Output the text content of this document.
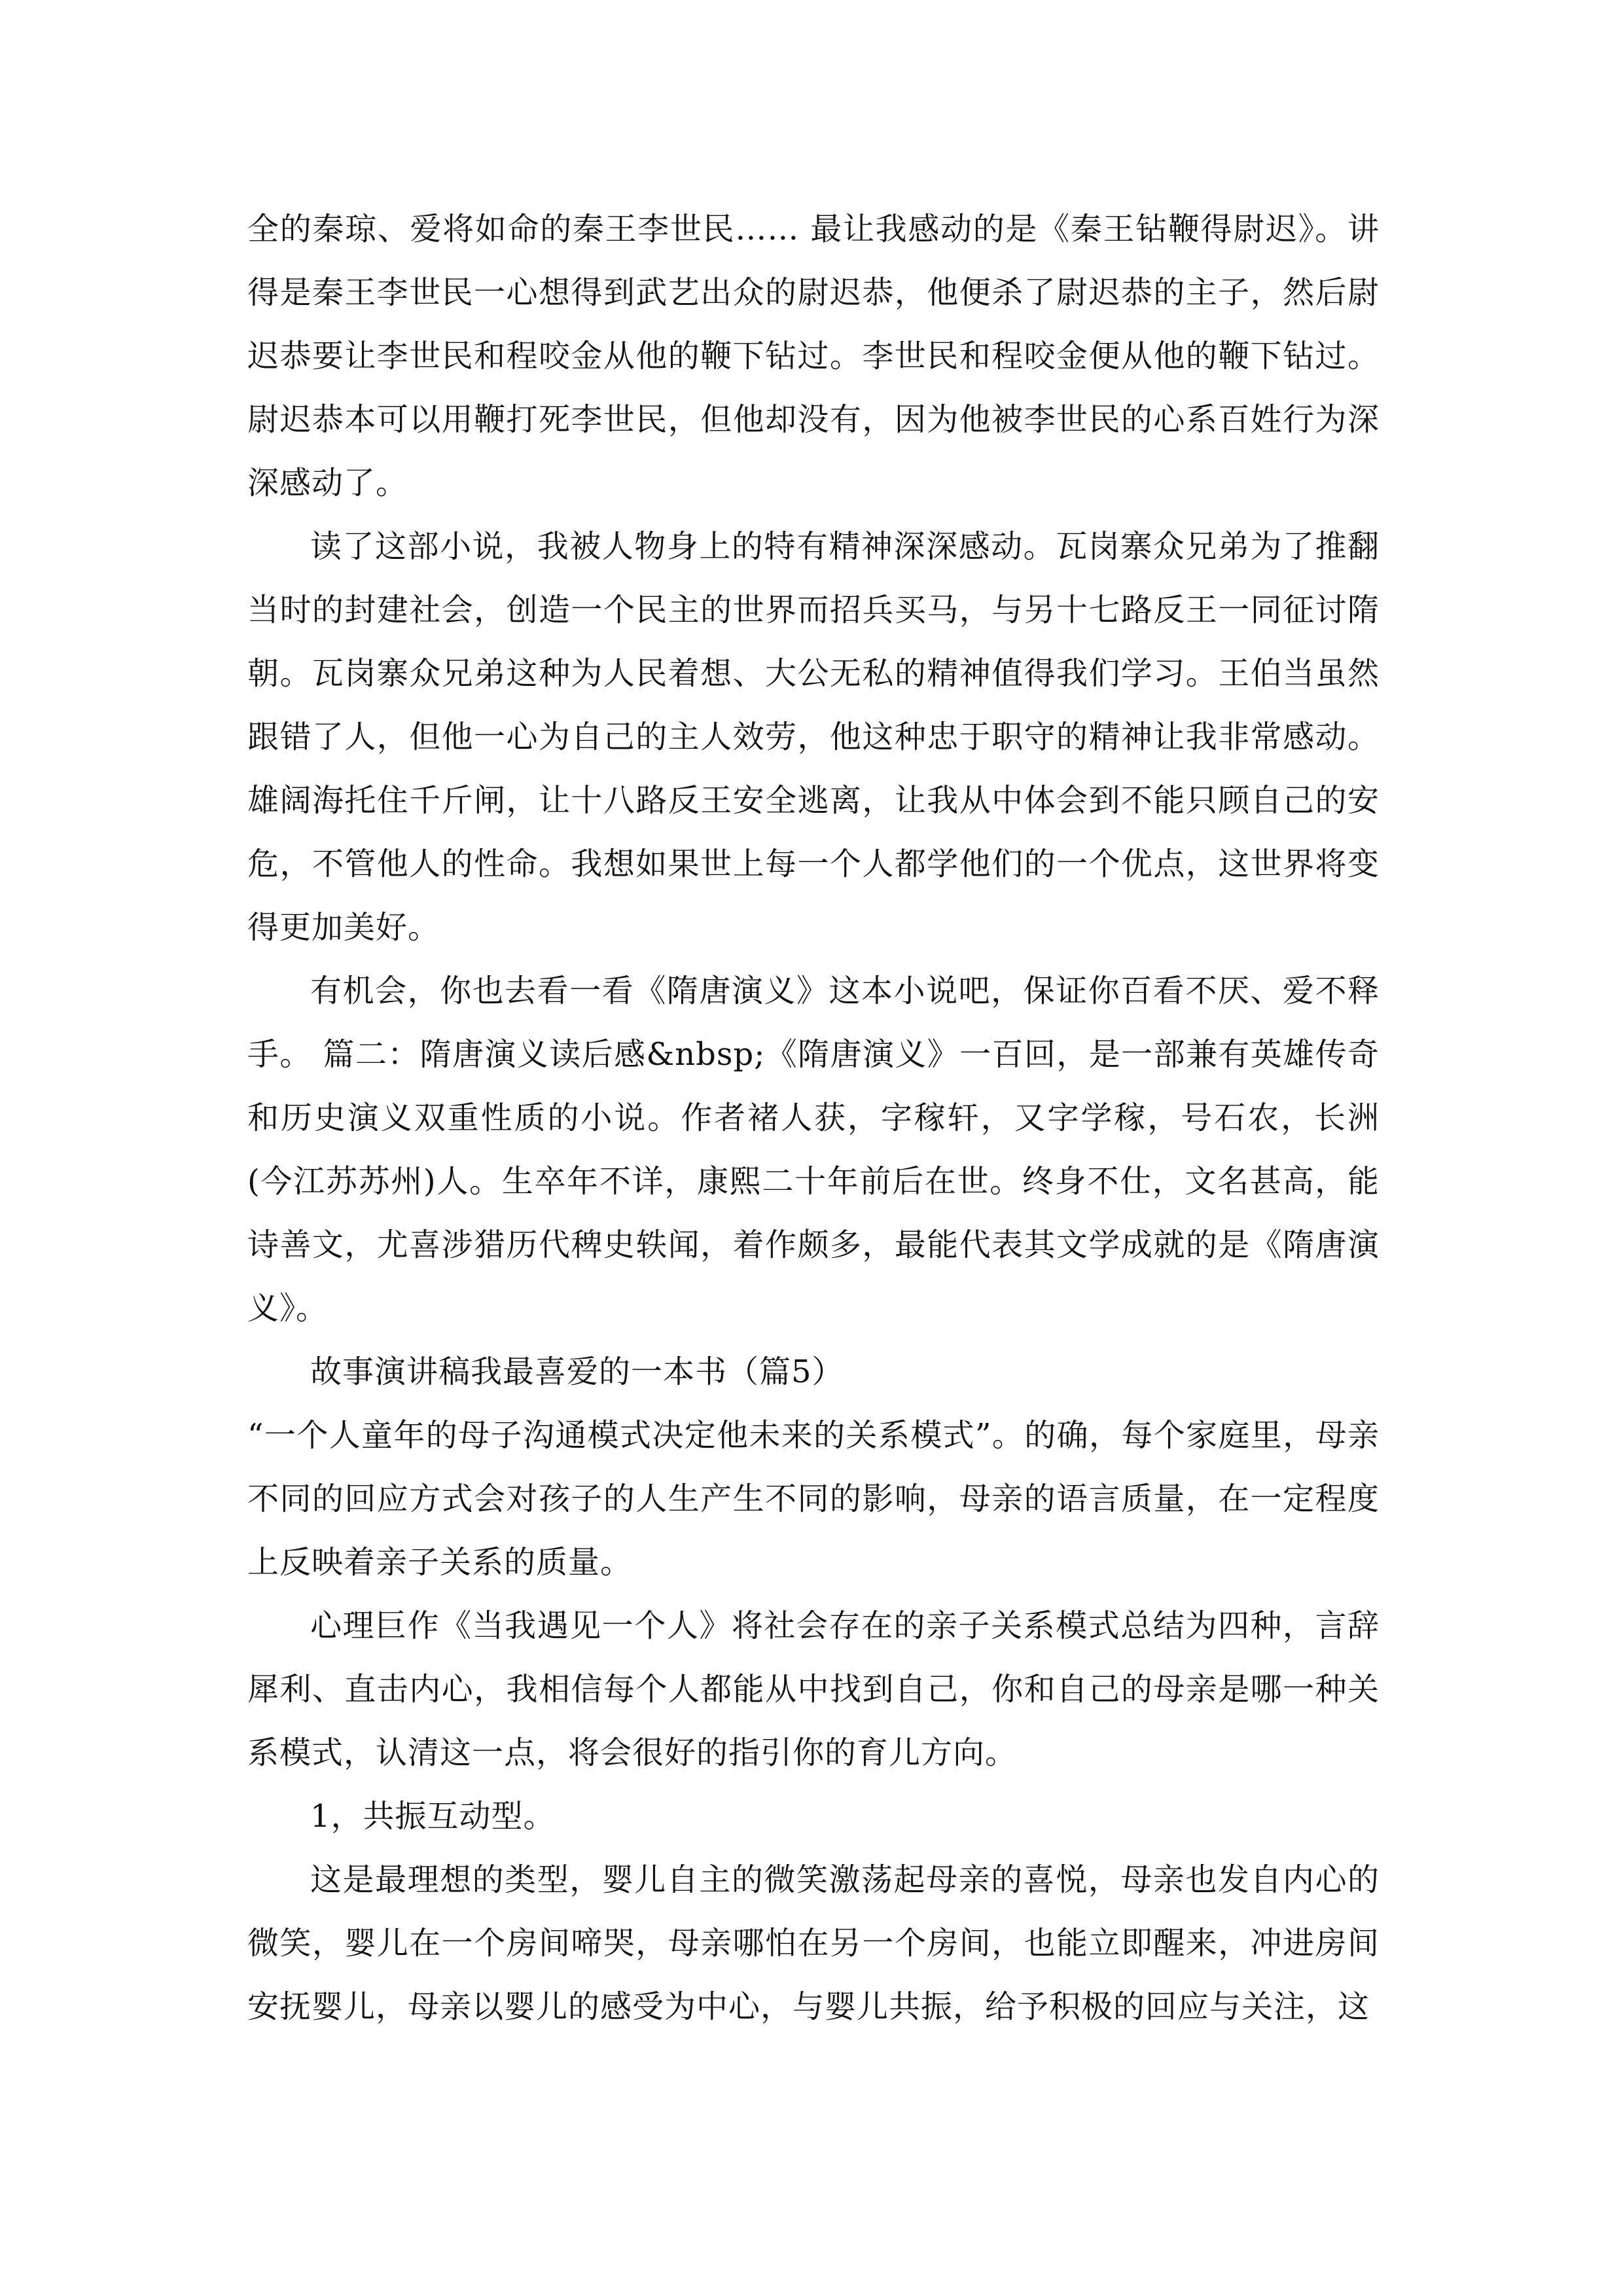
全的秦琼、爱将如命的秦王李世民…… 最让我感动的是《秦王钻鞭得尉迟》。讲得是秦王李世民一心想得到武艺出众的尉迟恭，他便杀了尉迟恭的主子，然后尉迟恭要让李世民和程咬金从他的鞭下钻过。李世民和程咬金便从他的鞭下钻过。尉迟恭本可以用鞭打死李世民，但他却没有，因为他被李世民的心系百姓行为深深感动了。

读了这部小说，我被人物身上的特有精神深深感动。瓦岗寨众兄弟为了推翻当时的封建社会，创造一个民主的世界而招兵买马，与另十七路反王一同征讨隋朝。瓦岗寨众兄弟这种为人民着想、大公无私的精神值得我们学习。王伯当虽然跟错了人，但他一心为自己的主人效劳，他这种忠于职守的精神让我非常感动。雄阔海托住千斤闸，让十八路反王安全逃离，让我从中体会到不能只顾自己的安危，不管他人的性命。我想如果世上每一个人都学他们的一个优点，这世界将变得更加美好。

有机会，你也去看一看《隋唐演义》这本小说吧，保证你百看不厌、爱不释手。 篇二：隋唐演义读后感&nbsp;《隋唐演义》一百回，是一部兼有英雄传奇和历史演义双重性质的小说。作者褚人获，字稼轩，又字学稼，号石农，长洲(今江苏苏州)人。生卒年不详，康熙二十年前后在世。终身不仕，文名甚高，能诗善文，尤喜涉猎历代稗史轶闻，着作颇多，最能代表其文学成就的是《隋唐演义》。

故事演讲稿我最喜爱的一本书（篇5）

“一个人童年的母子沟通模式决定他未来的关系模式”。的确，每个家庭里，母亲不同的回应方式会对孩子的人生产生不同的影响，母亲的语言质量，在一定程度上反映着亲子关系的质量。

心理巨作《当我遇见一个人》将社会存在的亲子关系模式总结为四种，言辞犀利、直击内心，我相信每个人都能从中找到自己，你和自己的母亲是哪一种关系模式，认清这一点，将会很好的指引你的育儿方向。

1，共振互动型。

这是最理想的类型，婴儿自主的微笑激荡起母亲的喜悦，母亲也发自内心的微笑，婴儿在一个房间啼哭，母亲哪怕在另一个房间，也能立即醒来，冲进房间安抚婴儿，母亲以婴儿的感受为中心，与婴儿共振，给予积极的回应与关注，这
